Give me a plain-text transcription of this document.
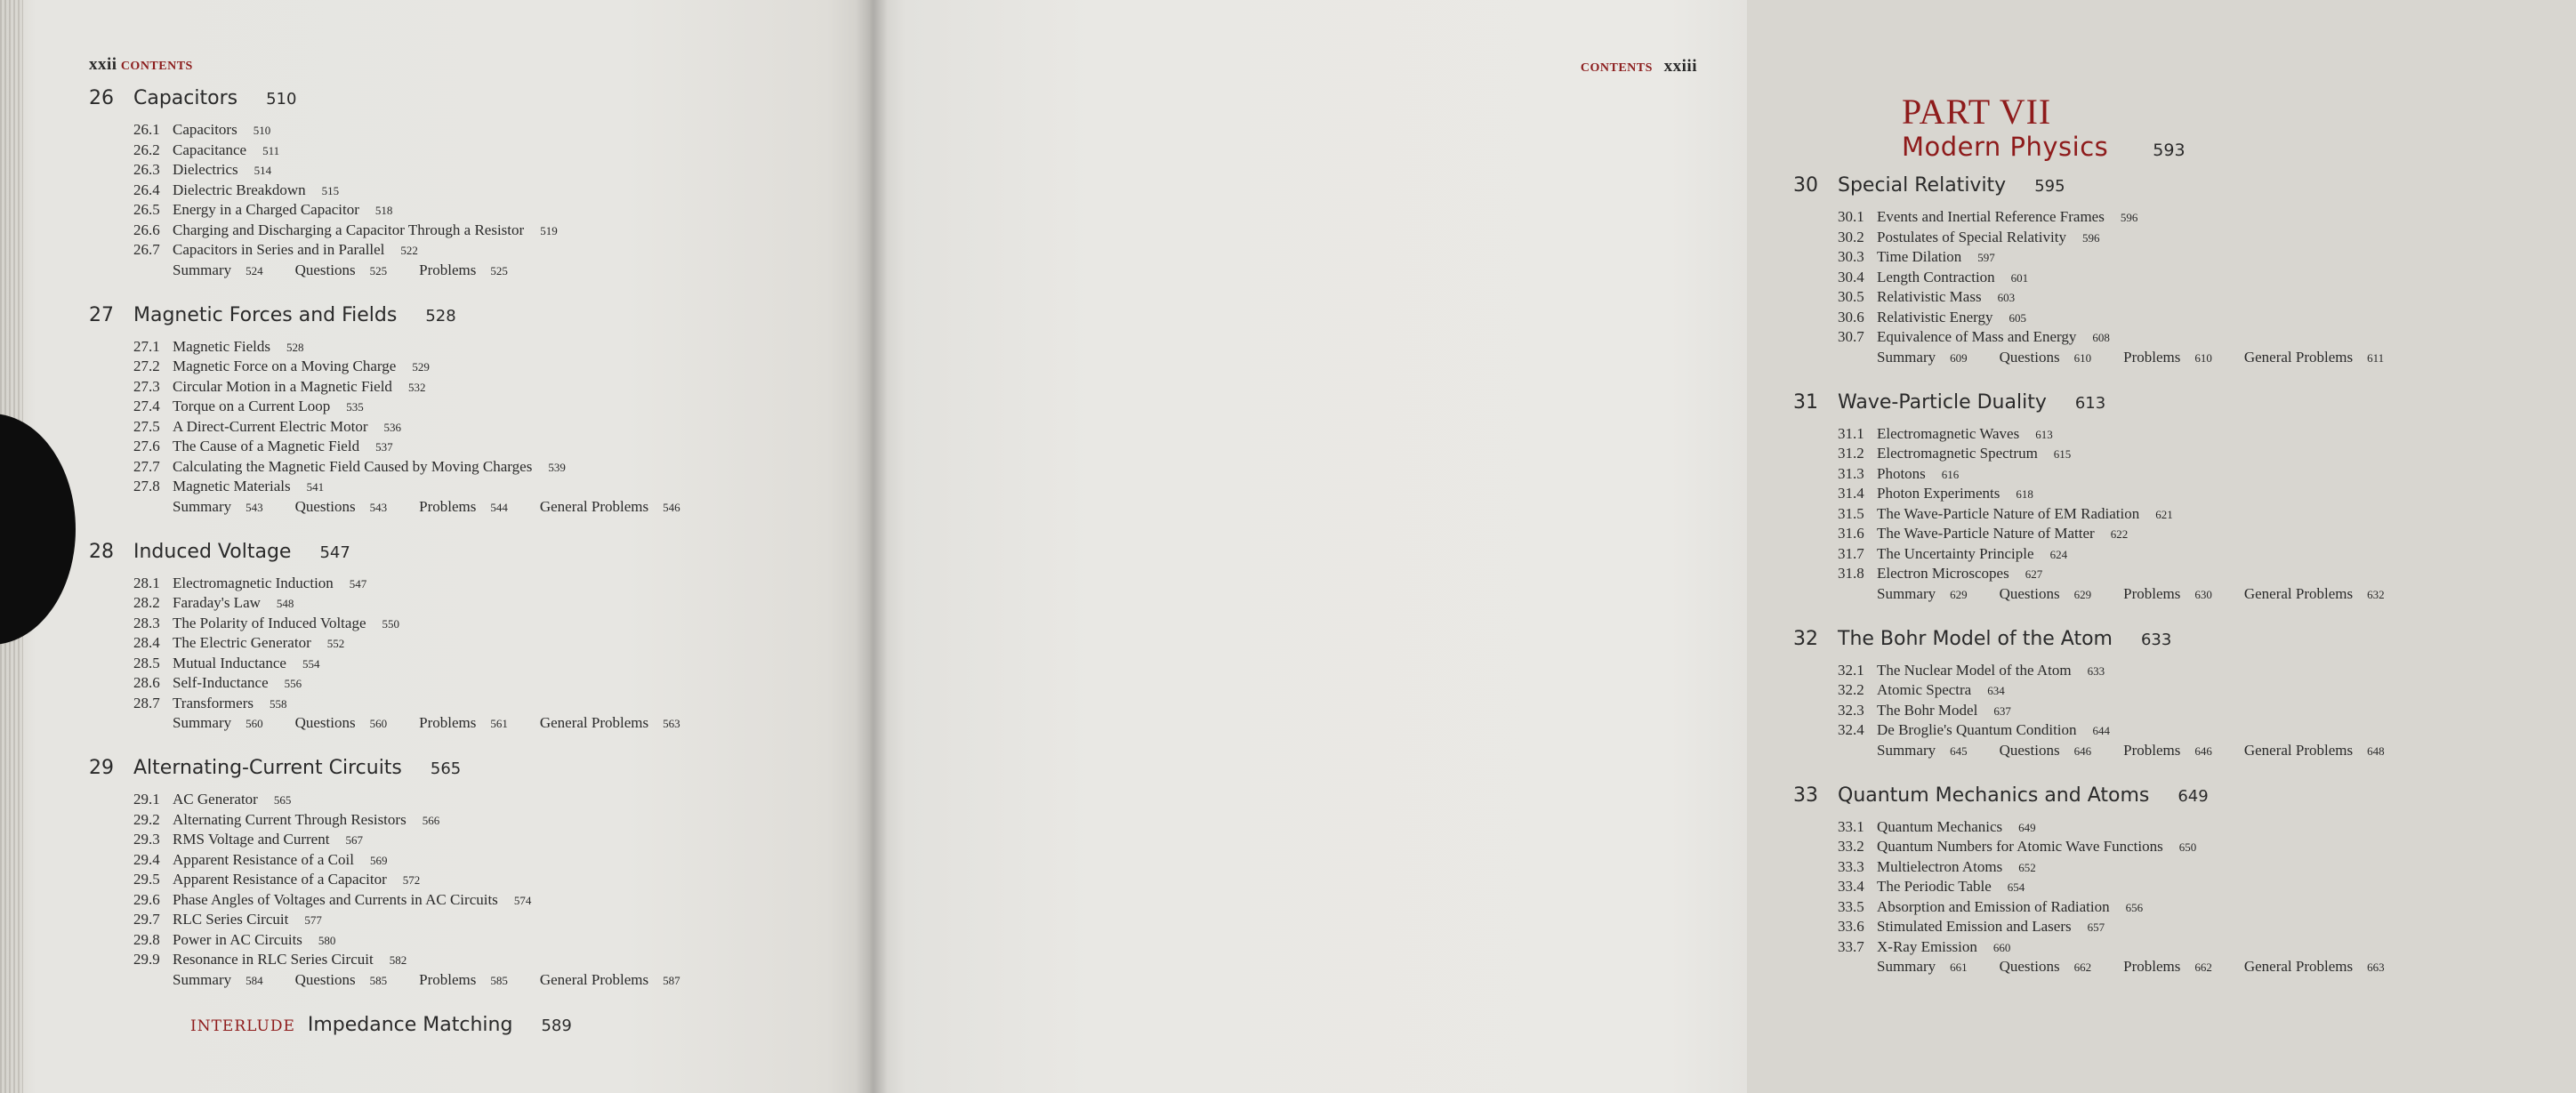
xxii CONTENTS
26	Capacitors 510
26.1 Capacitors 510
26.2 Capacitance 511
26.3 Dielectrics 514
26.4 Dielectric Breakdown 515
26.5 Energy in a Charged Capacitor 518
26.6 Charging and Discharging a Capacitor Through a Resistor 519
26.7 Capacitors in Series and in Parallel 522
Summary 524 Questions 525 Problems 525
27	Magnetic Forces and Fields 528
27.1 Magnetic Fields 528
27.2 Magnetic Force on a Moving Charge 529
27.3 Circular Motion in a Magnetic Field 532
27.4 Torque on a Current Loop 535
27.5 A Direct-Current Electric Motor 536
27.6 The Cause of a Magnetic Field 537
27.7 Calculating the Magnetic Field Caused by Moving Charges 539
27.8 Magnetic Materials 541
Summary 543 Questions 543 Problems 544 General Problems 546
28	Induced Voltage 547
28.1 Electromagnetic Induction 547
28.2 Faraday's Law 548
28.3 The Polarity of Induced Voltage 550
28.4 The Electric Generator 552
28.5 Mutual Inductance 554
28.6 Self-Inductance 556
28.7 Transformers 558
Summary 560 Questions 560 Problems 561 General Problems 563
29	Alternating-Current Circuits 565
29.1 AC Generator 565
29.2 Alternating Current Through Resistors 566
29.3 RMS Voltage and Current 567
29.4 Apparent Resistance of a Coil 569
29.5 Apparent Resistance of a Capacitor 572
29.6 Phase Angles of Voltages and Currents in AC Circuits 574
29.7 RLC Series Circuit 577
29.8 Power in AC Circuits 580
29.9 Resonance in RLC Series Circuit 582
Summary 584 Questions 585 Problems 585 General Problems 587
INTERLUDE Impedance Matching 589
CONTENTS xxiii
PART VII
Modern Physics	593
30	Special Relativity 595
30.1 Events and Inertial Reference Frames 596
30.2 Postulates of Special Relativity 596
30.3 Time Dilation 597
30.4 Length Contraction 601
30.5 Relativistic Mass 603
30.6 Relativistic Energy 605
30.7 Equivalence of Mass and Energy 608
Summary 609 Questions 610 Problems 610 General Problems 611
31	Wave-Particle Duality 613
31.1 Electromagnetic Waves 613
31.2 Electromagnetic Spectrum 615
31.3 Photons 616
31.4 Photon Experiments 618
31.5 The Wave-Particle Nature of EM Radiation 621
31.6 The Wave-Particle Nature of Matter 622
31.7 The Uncertainty Principle 624
31.8 Electron Microscopes 627
Summary 629 Questions 629 Problems 630 General Problems 632
32	The Bohr Model of the Atom 633
32.1 The Nuclear Model of the Atom 633
32.2 Atomic Spectra 634
32.3 The Bohr Model 637
32.4 De Broglie's Quantum Condition 644
Summary 645 Questions 646 Problems 646 General Problems 648
33	Quantum Mechanics and Atoms 649
33.1 Quantum Mechanics 649
33.2 Quantum Numbers for Atomic Wave Functions 650
33.3 Multielectron Atoms 652
33.4 The Periodic Table 654
33.5 Absorption and Emission of Radiation 656
33.6 Stimulated Emission and Lasers 657
33.7 X-Ray Emission 660
Summary 661 Questions 662 Problems 662 General Problems 663
